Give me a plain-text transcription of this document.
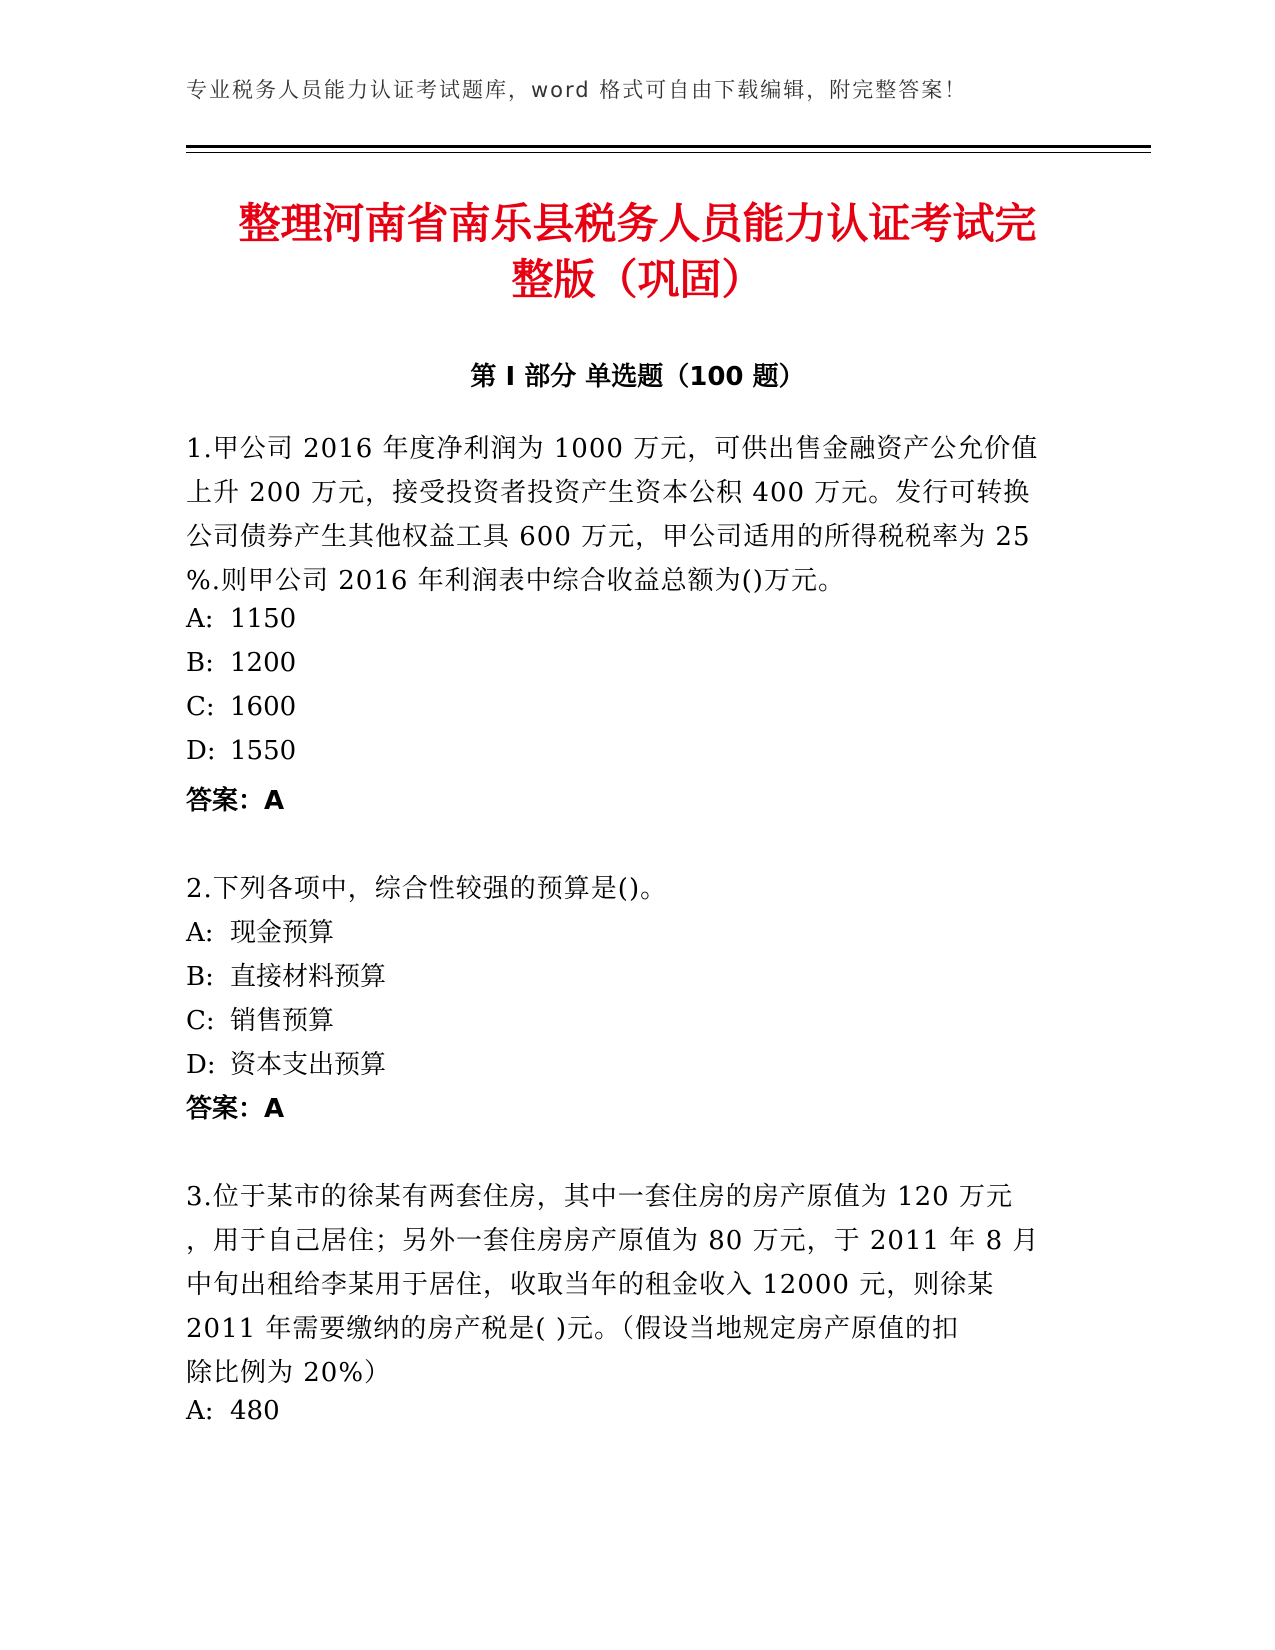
专业税务人员能力认证考试题库，word 格式可自由下载编辑，附完整答案！
整理河南省南乐县税务人员能力认证考试完
整版（巩固）
第 I 部分 单选题（100 题）
1.甲公司 2016 年度净利润为 1000 万元，可供出售金融资产公允价值
上升 200 万元，接受投资者投资产生资本公积 400 万元。发行可转换
公司债券产生其他权益工具 600 万元，甲公司适用的所得税税率为 25
%.则甲公司 2016 年利润表中综合收益总额为()万元。
A: 1150
B: 1200
C: 1600
D: 1550
答案：A
2.下列各项中，综合性较强的预算是()。
A: 现金预算
B: 直接材料预算
C: 销售预算
D: 资本支出预算
答案：A
3.位于某市的徐某有两套住房，其中一套住房的房产原值为 120 万元
，用于自己居住；另外一套住房房产原值为 80 万元，于 2011 年 8 月
中旬出租给李某用于居住，收取当年的租金收入 12000 元，则徐某
2011 年需要缴纳的房产税是( )元。（假设当地规定房产原值的扣
除比例为 20%）
A: 480
